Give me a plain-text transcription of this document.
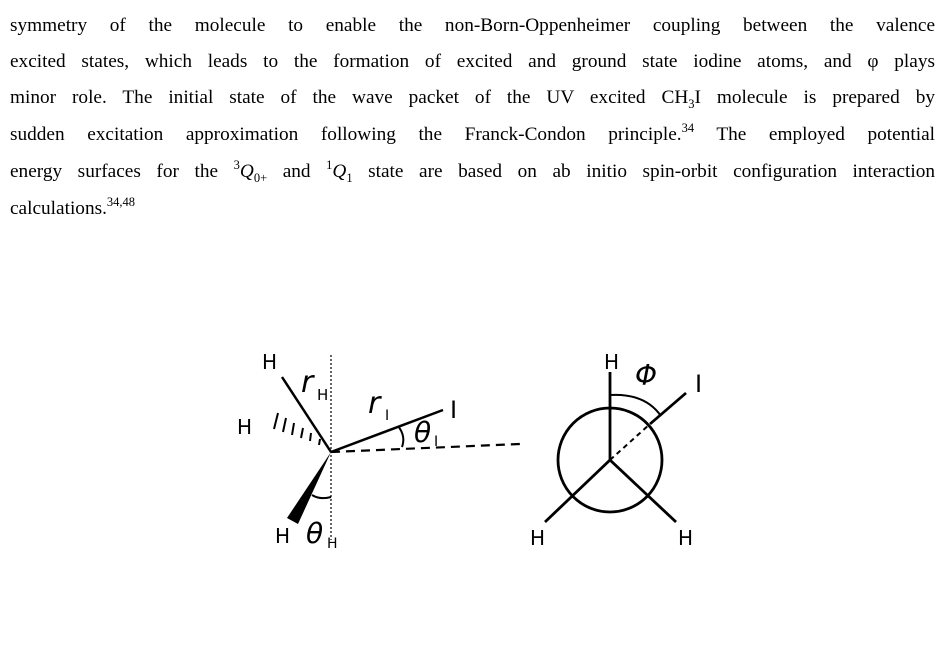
symmetry of the molecule to enable the non-Born-Oppenheimer coupling between the valence
excited states, which leads to the formation of excited and ground state iodine atoms, and φ plays
minor role. The initial state of the wave packet of the UV excited $CH_3I$ molecule is prepared by
sudden excitation approximation following the Franck-Condon principle.$^{34}$ The employed potential
energy surfaces for the $^3Q_{0+}$ and $^1Q_1$ state are based on ab initio spin-orbit configuration interaction
calculations.$^{34,48}$
H
H
H
I
r H r I θ I
θ H
H
H	H
I
Φ
